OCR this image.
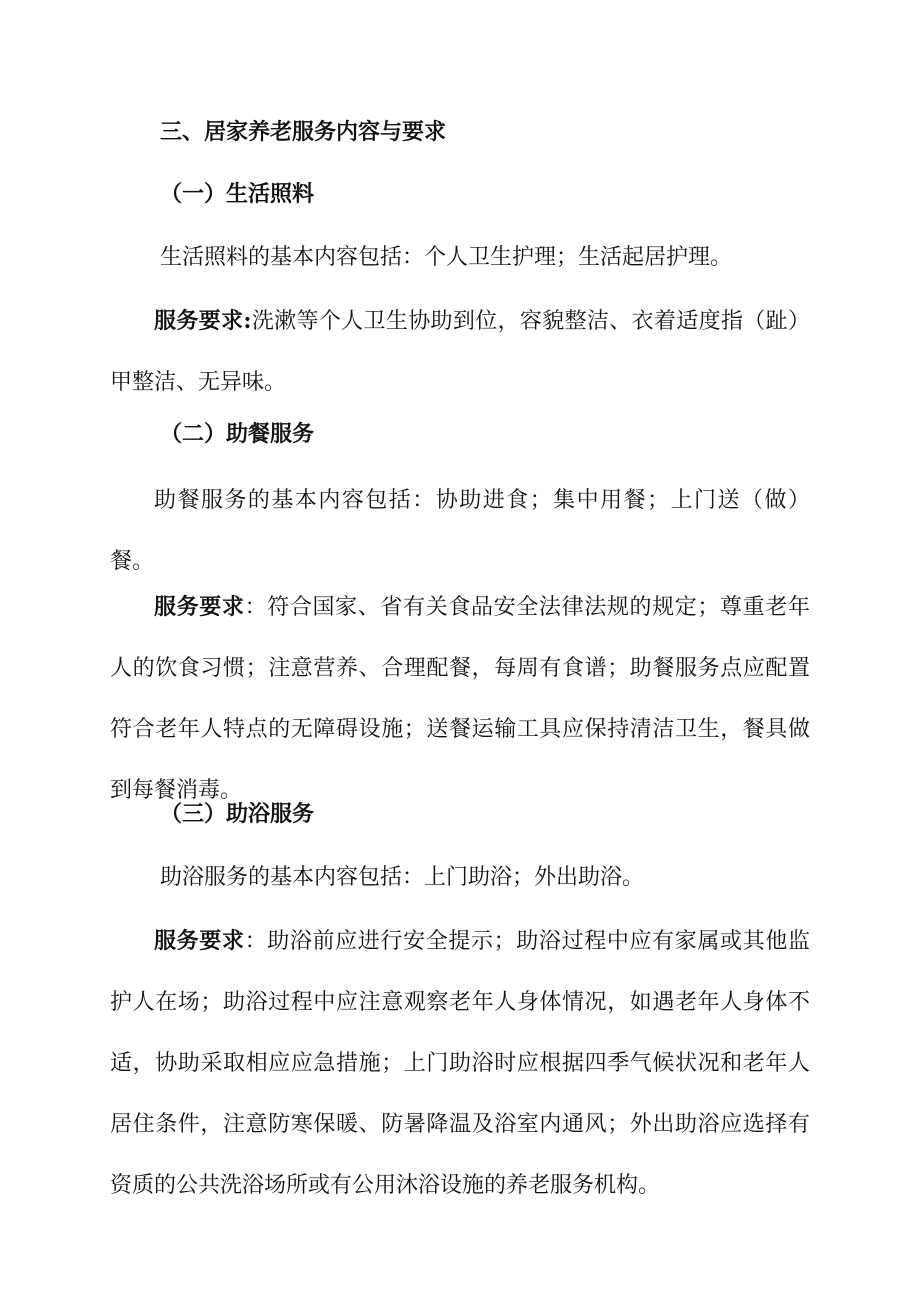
三、居家养老服务内容与要求

（一）生活照料

生活照料的基本内容包括：个人卫生护理；生活起居护理。

服务要求:洗漱等个人卫生协助到位，容貌整洁、衣着适度指（趾）甲整洁、无异味。

（二）助餐服务

助餐服务的基本内容包括：协助进食；集中用餐；上门送（做）餐。

服务要求：符合国家、省有关食品安全法律法规的规定；尊重老年人的饮食习惯；注意营养、合理配餐，每周有食谱；助餐服务点应配置符合老年人特点的无障碍设施；送餐运输工具应保持清洁卫生，餐具做到每餐消毒。

（三）助浴服务

助浴服务的基本内容包括：上门助浴；外出助浴。

服务要求：助浴前应进行安全提示；助浴过程中应有家属或其他监护人在场；助浴过程中应注意观察老年人身体情况，如遇老年人身体不适，协助采取相应应急措施；上门助浴时应根据四季气候状况和老年人居住条件，注意防寒保暖、防暑降温及浴室内通风；外出助浴应选择有资质的公共洗浴场所或有公用沐浴设施的养老服务机构。
